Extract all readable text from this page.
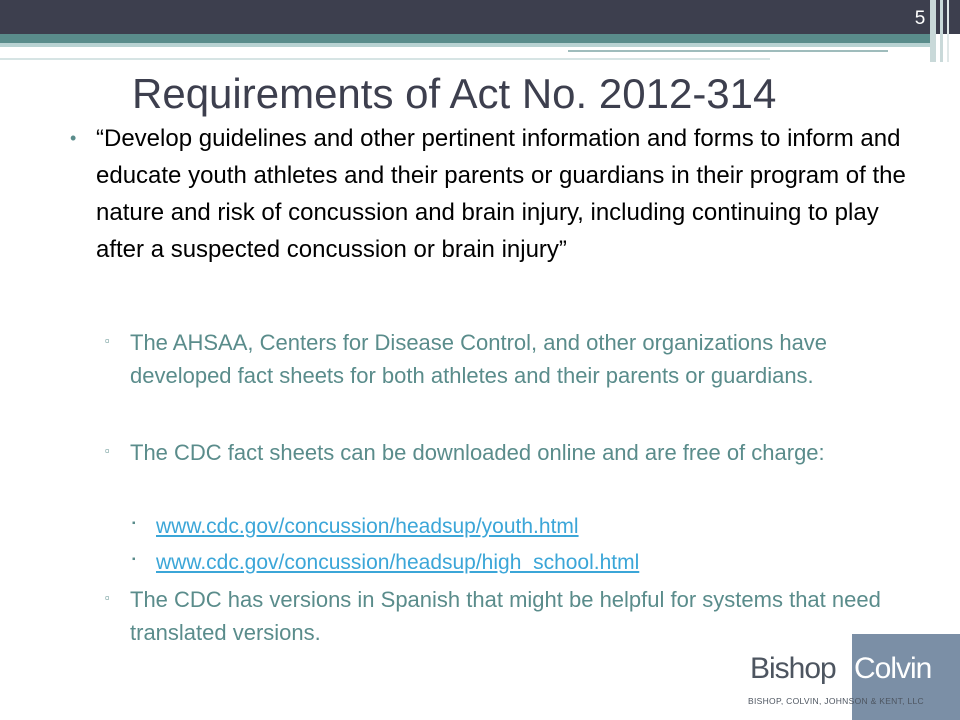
5
Requirements of Act No. 2012-314
• “Develop guidelines and other pertinent information and forms to inform and educate youth athletes and their parents or guardians in their program of the nature and risk of concussion and brain injury, including continuing to play after a suspected concussion or brain injury”

▫ The AHSAA, Centers for Disease Control, and other organizations have developed fact sheets for both athletes and their parents or guardians.

▫ The CDC fact sheets can be downloaded online and are free of charge:

▪ www.cdc.gov/concussion/headsup/youth.html
▪ www.cdc.gov/concussion/headsup/high_school.html
▫ The CDC has versions in Spanish that might be helpful for systems that need translated versions.

Bishop Colvin
BISHOP, COLVIN, JOHNSON & KENT, LLC
